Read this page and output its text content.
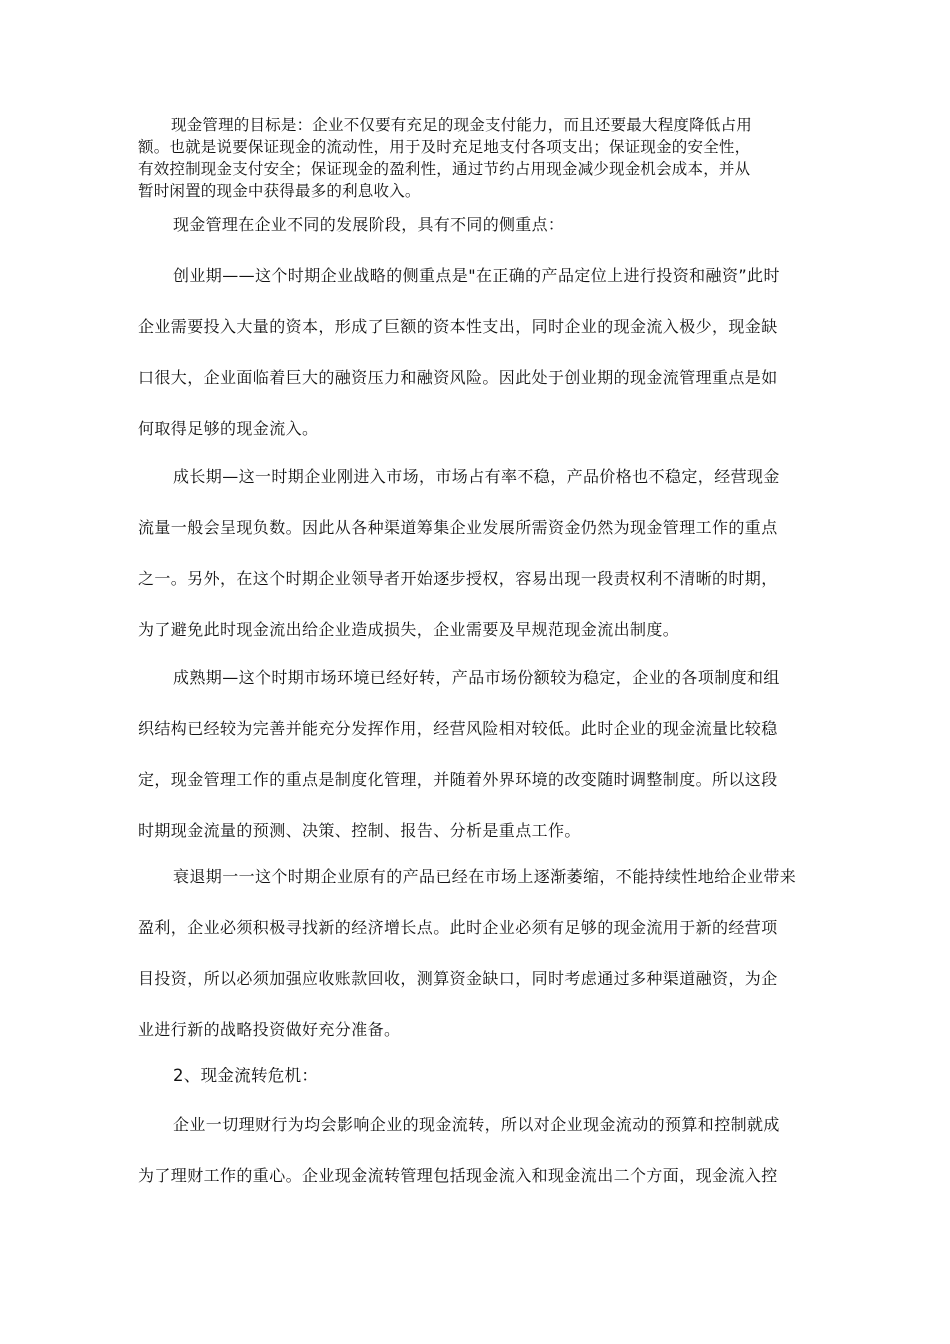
现金管理的目标是：企业不仅要有充足的现金支付能力，而且还要最大程度降低占用
额。也就是说要保证现金的流动性，用于及时充足地支付各项支出；保证现金的安全性，
有效控制现金支付安全；保证现金的盈利性，通过节约占用现金减少现金机会成本，并从
暂时闲置的现金中获得最多的利息收入。

现金管理在企业不同的发展阶段，具有不同的侧重点：

创业期——这个时期企业战略的侧重点是"在正确的产品定位上进行投资和融资”此时
企业需要投入大量的资本，形成了巨额的资本性支出，同时企业的现金流入极少，现金缺
口很大，企业面临着巨大的融资压力和融资风险。因此处于创业期的现金流管理重点是如
何取得足够的现金流入。

成长期—这一时期企业刚进入市场，市场占有率不稳，产品价格也不稳定，经营现金
流量一般会呈现负数。因此从各种渠道筹集企业发展所需资金仍然为现金管理工作的重点
之一。另外，在这个时期企业领导者开始逐步授权，容易出现一段责权利不清晰的时期，
为了避免此时现金流出给企业造成损失，企业需要及早规范现金流出制度。

成熟期—这个时期市场环境已经好转，产品市场份额较为稳定，企业的各项制度和组
织结构已经较为完善并能充分发挥作用，经营风险相对较低。此时企业的现金流量比较稳
定，现金管理工作的重点是制度化管理，并随着外界环境的改变随时调整制度。所以这段
时期现金流量的预测、决策、控制、报告、分析是重点工作。

衰退期一一这个时期企业原有的产品已经在市场上逐渐萎缩，不能持续性地给企业带来
盈利，企业必须积极寻找新的经济增长点。此时企业必须有足够的现金流用于新的经营项
目投资，所以必须加强应收账款回收，测算资金缺口，同时考虑通过多种渠道融资，为企
业进行新的战略投资做好充分准备。

2、现金流转危机：

企业一切理财行为均会影响企业的现金流转，所以对企业现金流动的预算和控制就成
为了理财工作的重心。企业现金流转管理包括现金流入和现金流出二个方面，现金流入控
